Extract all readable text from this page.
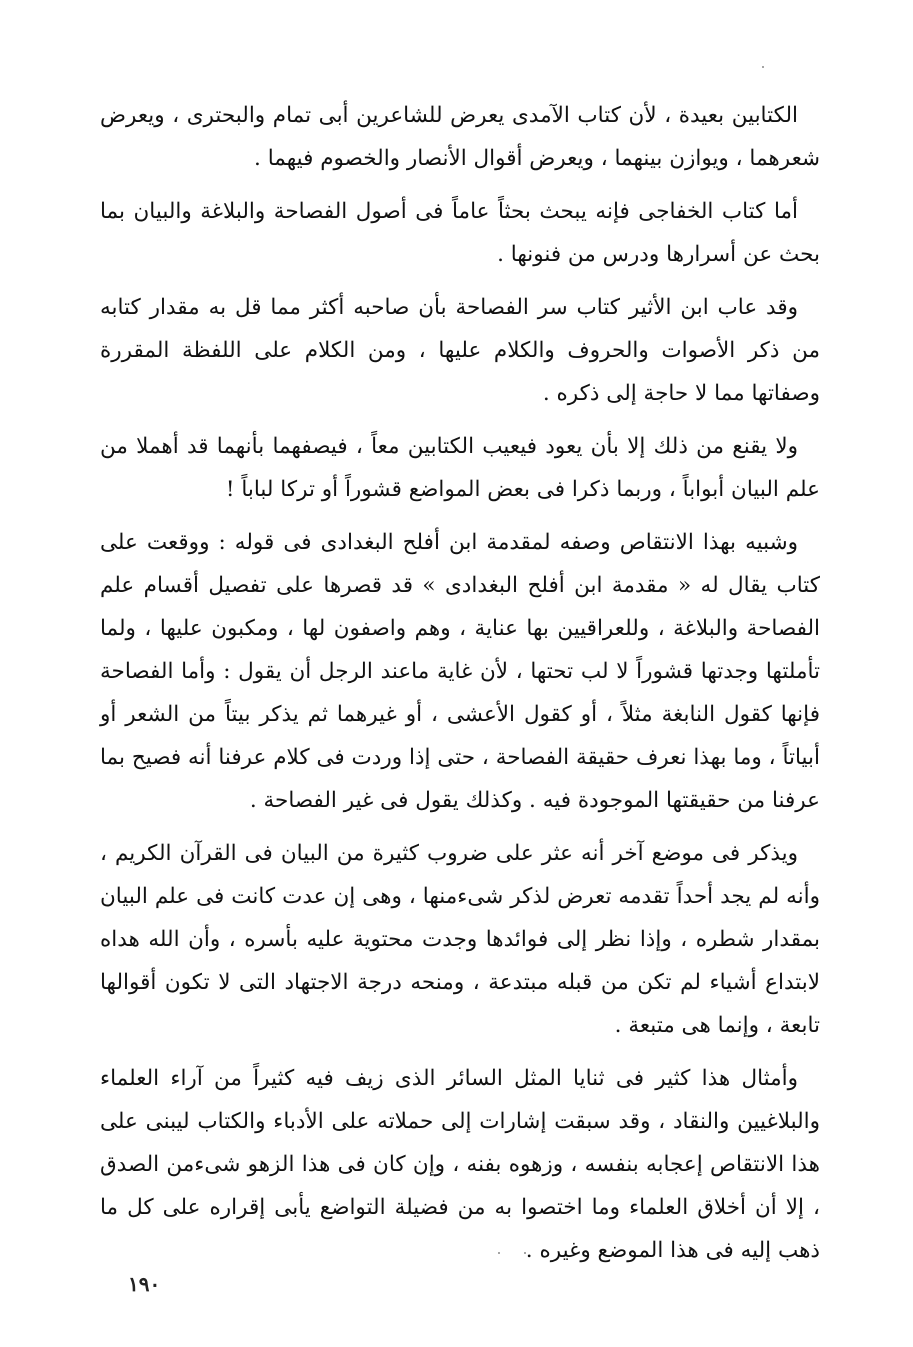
الكتابين بعيدة ، لأن كتاب الآمدى يعرض للشاعرين أبى تمام والبحترى ، ويعرض شعرهما ، ويوازن بينهما ، ويعرض أقوال الأنصار والخصوم فيهما .

أما كتاب الخفاجى فإنه يبحث بحثاً عاماً فى أصول الفصاحة والبلاغة والبيان بما بحث عن أسرارها ودرس من فنونها .

وقد عاب ابن الأثير كتاب سر الفصاحة بأن صاحبه أكثر مما قل به مقدار كتابه من ذكر الأصوات والحروف والكلام عليها ، ومن الكلام على اللفظة المقررة وصفاتها مما لا حاجة إلى ذكره .

ولا يقنع من ذلك إلا بأن يعود فيعيب الكتابين معاً ، فيصفهما بأنهما قد أهملا من علم البيان أبواباً ، وربما ذكرا فى بعض المواضع قشوراً أو تركا لباباً !

وشبيه بهذا الانتقاص وصفه لمقدمة ابن أفلح البغدادى فى قوله : ووقعت على كتاب يقال له « مقدمة ابن أفلح البغدادى » قد قصرها على تفصيل أقسام علم الفصاحة والبلاغة ، وللعراقيين بها عناية ، وهم واصفون لها ، ومكبون عليها ، ولما تأملتها وجدتها قشوراً لا لب تحتها ، لأن غاية ماعند الرجل أن يقول : وأما الفصاحة فإنها كقول النابغة مثلاً ، أو كقول الأعشى ، أو غيرهما ثم يذكر بيتاً من الشعر أو أبياتاً ، وما بهذا نعرف حقيقة الفصاحة ، حتى إذا وردت فى كلام عرفنا أنه فصيح بما عرفنا من حقيقتها الموجودة فيه . وكذلك يقول فى غير الفصاحة .

ويذكر فى موضع آخر أنه عثر على ضروب كثيرة من البيان فى القرآن الكريم ، وأنه لم يجد أحداً تقدمه تعرض لذكر شىءمنها ، وهى إن عدت كانت فى علم البيان بمقدار شطره ، وإذا نظر إلى فوائدها وجدت محتوية عليه بأسره ، وأن الله هداه لابتداع أشياء لم تكن من قبله مبتدعة ، ومنحه درجة الاجتهاد التى لا تكون أقوالها تابعة ، وإنما هى متبعة .

وأمثال هذا كثير فى ثنايا المثل السائر الذى زيف فيه كثيراً من آراء العلماء والبلاغيين والنقاد ، وقد سبقت إشارات إلى حملاته على الأدباء والكتاب ليبنى على هذا الانتقاص إعجابه بنفسه ، وزهوه بفنه ، وإن كان فى هذا الزهو شىءمن الصدق ، إلا أن أخلاق العلماء وما اختصوا به من فضيلة التواضع يأبى إقراره على كل ما ذهب إليه فى هذا الموضع وغيره .

١٩٠
